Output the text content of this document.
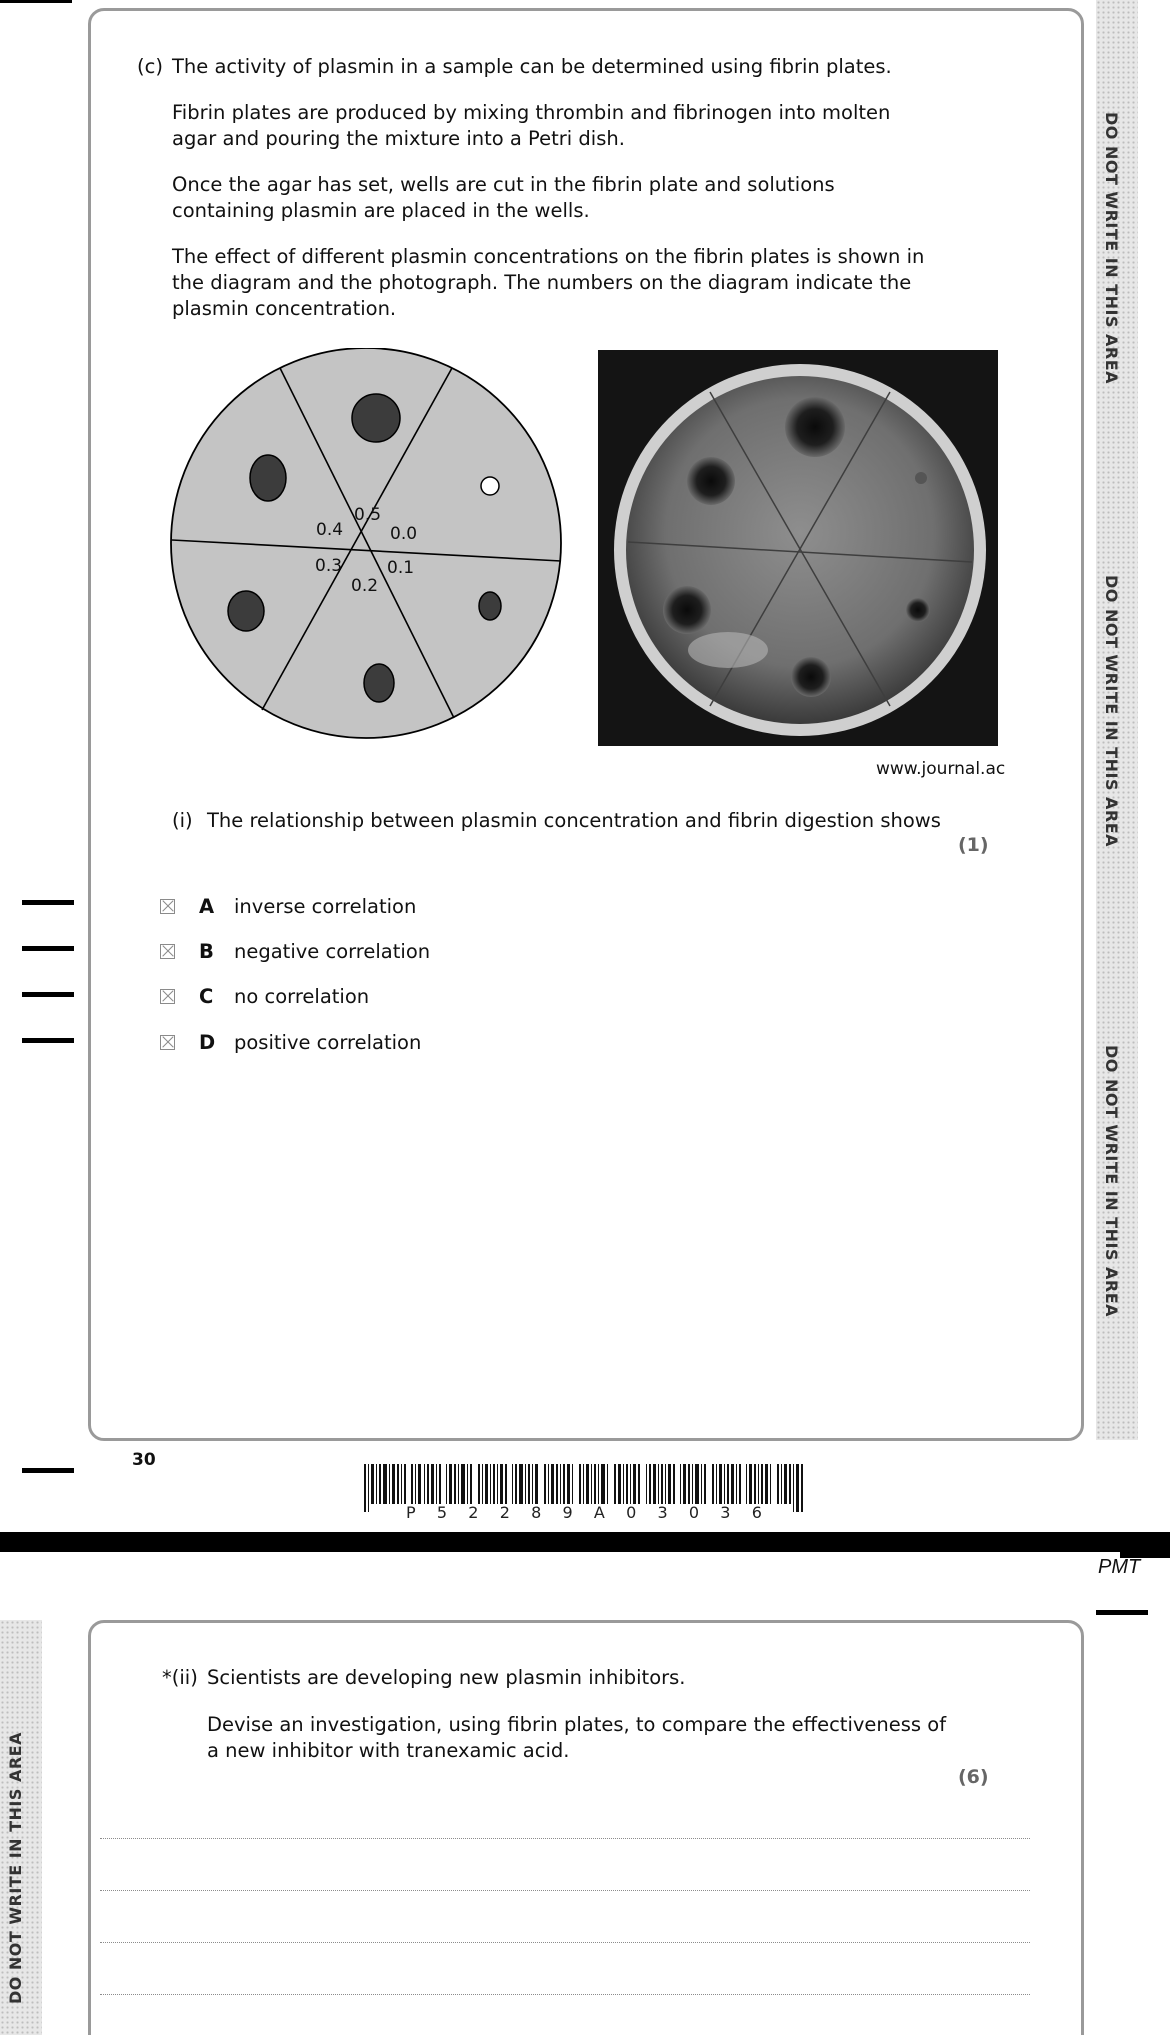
DO NOT WRITE IN THIS AREA
DO NOT WRITE IN THIS AREA
DO NOT WRITE IN THIS AREA
(c) The activity of plasmin in a sample can be determined using fibrin plates.
Fibrin plates are produced by mixing thrombin and fibrinogen into molten agar and pouring the mixture into a Petri dish.
Once the agar has set, wells are cut in the fibrin plate and solutions containing plasmin are placed in the wells.
The effect of different plasmin concentrations on the fibrin plates is shown in the diagram and the photograph. The numbers on the diagram indicate the plasmin concentration.
0.5
0.4	0.0
0.3	0.1
0.2
www.journal.ac
(i) The relationship between plasmin concentration and fibrin digestion shows
(1)
A	inverse correlation
B	negative correlation
C	no correlation
D positive correlation
30
P 5 2 2 8 9 A 0 3 0 3 6
PMT
DO NOT WRITE IN THIS AREA
*(ii) Scientists are developing new plasmin inhibitors.
Devise an investigation, using fibrin plates, to compare the effectiveness of a new inhibitor with tranexamic acid.
(6)
